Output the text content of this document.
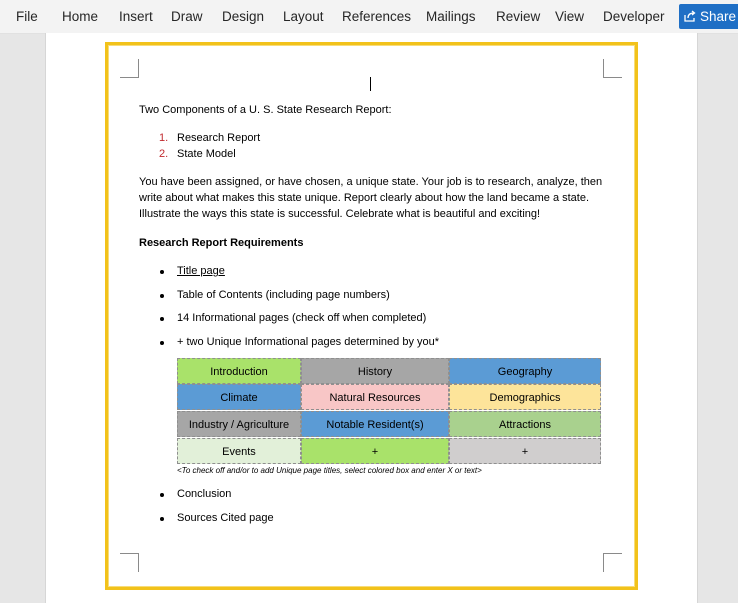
File Home Insert Draw Design Layout References Mailings Review View Developer	Share
Two Components of a U. S. State Research Report:
1. Research Report
2. State Model
You have been assigned, or have chosen, a unique state. Your job is to research, analyze, then
write about what makes this state unique. Report clearly about how the land became a state.
Illustrate the ways this state is successful. Celebrate what is beautiful and exciting!
Research Report Requirements
Title page
Table of Contents (including page numbers)
14 Informational pages (check off when completed)
+ two Unique Informational pages determined by you*
Introduction	History	Geography
Climate	Natural Resources	Demographics
Industry / Agriculture	Notable Resident(s)	Attractions
Events	+	+
<To check off and/or to add Unique page titles, select colored box and enter X or text>
Conclusion
Sources Cited page
